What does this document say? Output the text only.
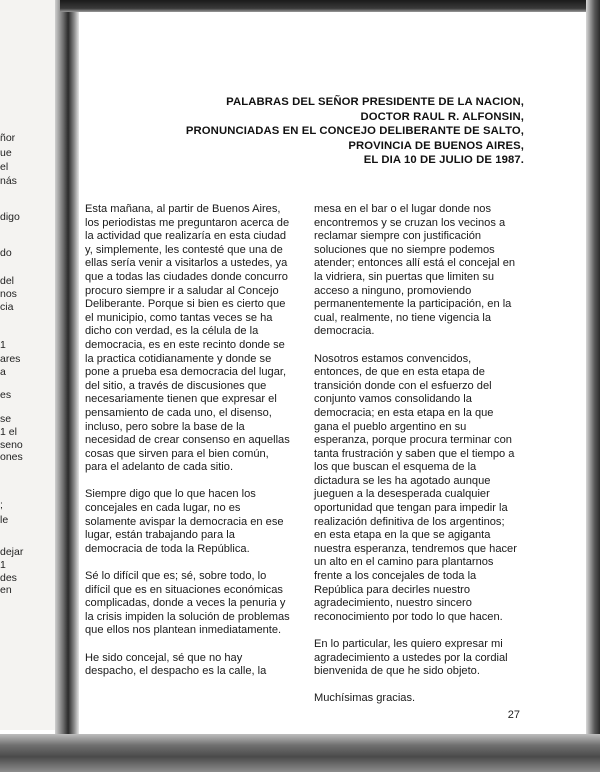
ñor
ue
el
nás
digo
do
del
nos
cia
1
ares
a
es
se
1 el
seno
ones
;
le
dejar
1
des
en
PALABRAS DEL SEÑOR PRESIDENTE DE LA NACION,
DOCTOR RAUL R. ALFONSIN,
PRONUNCIADAS EN EL CONCEJO DELIBERANTE DE SALTO,
PROVINCIA DE BUENOS AIRES,
EL DIA 10 DE JULIO DE 1987.

Esta mañana, al partir de Buenos Aires, los periodistas me preguntaron acerca de la actividad que realizaría en esta ciudad y, simplemente, les contesté que una de ellas sería venir a visitarlos a ustedes, ya que a todas las ciudades donde concurro procuro siempre ir a saludar al Concejo Deliberante. Porque si bien es cierto que el municipio, como tantas veces se ha dicho con verdad, es la célula de la democracia, es en este recinto donde se la practica cotidianamente y donde se pone a prueba esa democracia del lugar, del sitio, a través de discusiones que necesariamente tienen que expresar el pensamiento de cada uno, el disenso, incluso, pero sobre la base de la necesidad de crear consenso en aquellas cosas que sirven para el bien común, para el adelanto de cada sitio.

Siempre digo que lo que hacen los concejales en cada lugar, no es solamente avispar la democracia en ese lugar, están trabajando para la democracia de toda la República.

Sé lo difícil que es; sé, sobre todo, lo difícil que es en situaciones económicas complicadas, donde a veces la penuria y la crisis impiden la solución de problemas que ellos nos plantean inmediatamente.

He sido concejal, sé que no hay despacho, el despacho es la calle, la

mesa en el bar o el lugar donde nos encontremos y se cruzan los vecinos a reclamar siempre con justificación soluciones que no siempre podemos atender; entonces allí está el concejal en la vidriera, sin puertas que limiten su acceso a ninguno, promoviendo permanentemente la participación, en la cual, realmente, no tiene vigencia la democracia.

Nosotros estamos convencidos, entonces, de que en esta etapa de transición donde con el esfuerzo del conjunto vamos consolidando la democracia; en esta etapa en la que gana el pueblo argentino en su esperanza, porque procura terminar con tanta frustración y saben que el tiempo a los que buscan el esquema de la dictadura se les ha agotado aunque jueguen a la desesperada cualquier oportunidad que tengan para impedir la realización definitiva de los argentinos; en esta etapa en la que se agiganta nuestra esperanza, tendremos que hacer un alto en el camino para plantarnos frente a los concejales de toda la República para decirles nuestro agradecimiento, nuestro sincero reconocimiento por todo lo que hacen.

En lo particular, les quiero expresar mi agradecimiento a ustedes por la cordial bienvenida de que he sido objeto.

Muchísimas gracias.

27
